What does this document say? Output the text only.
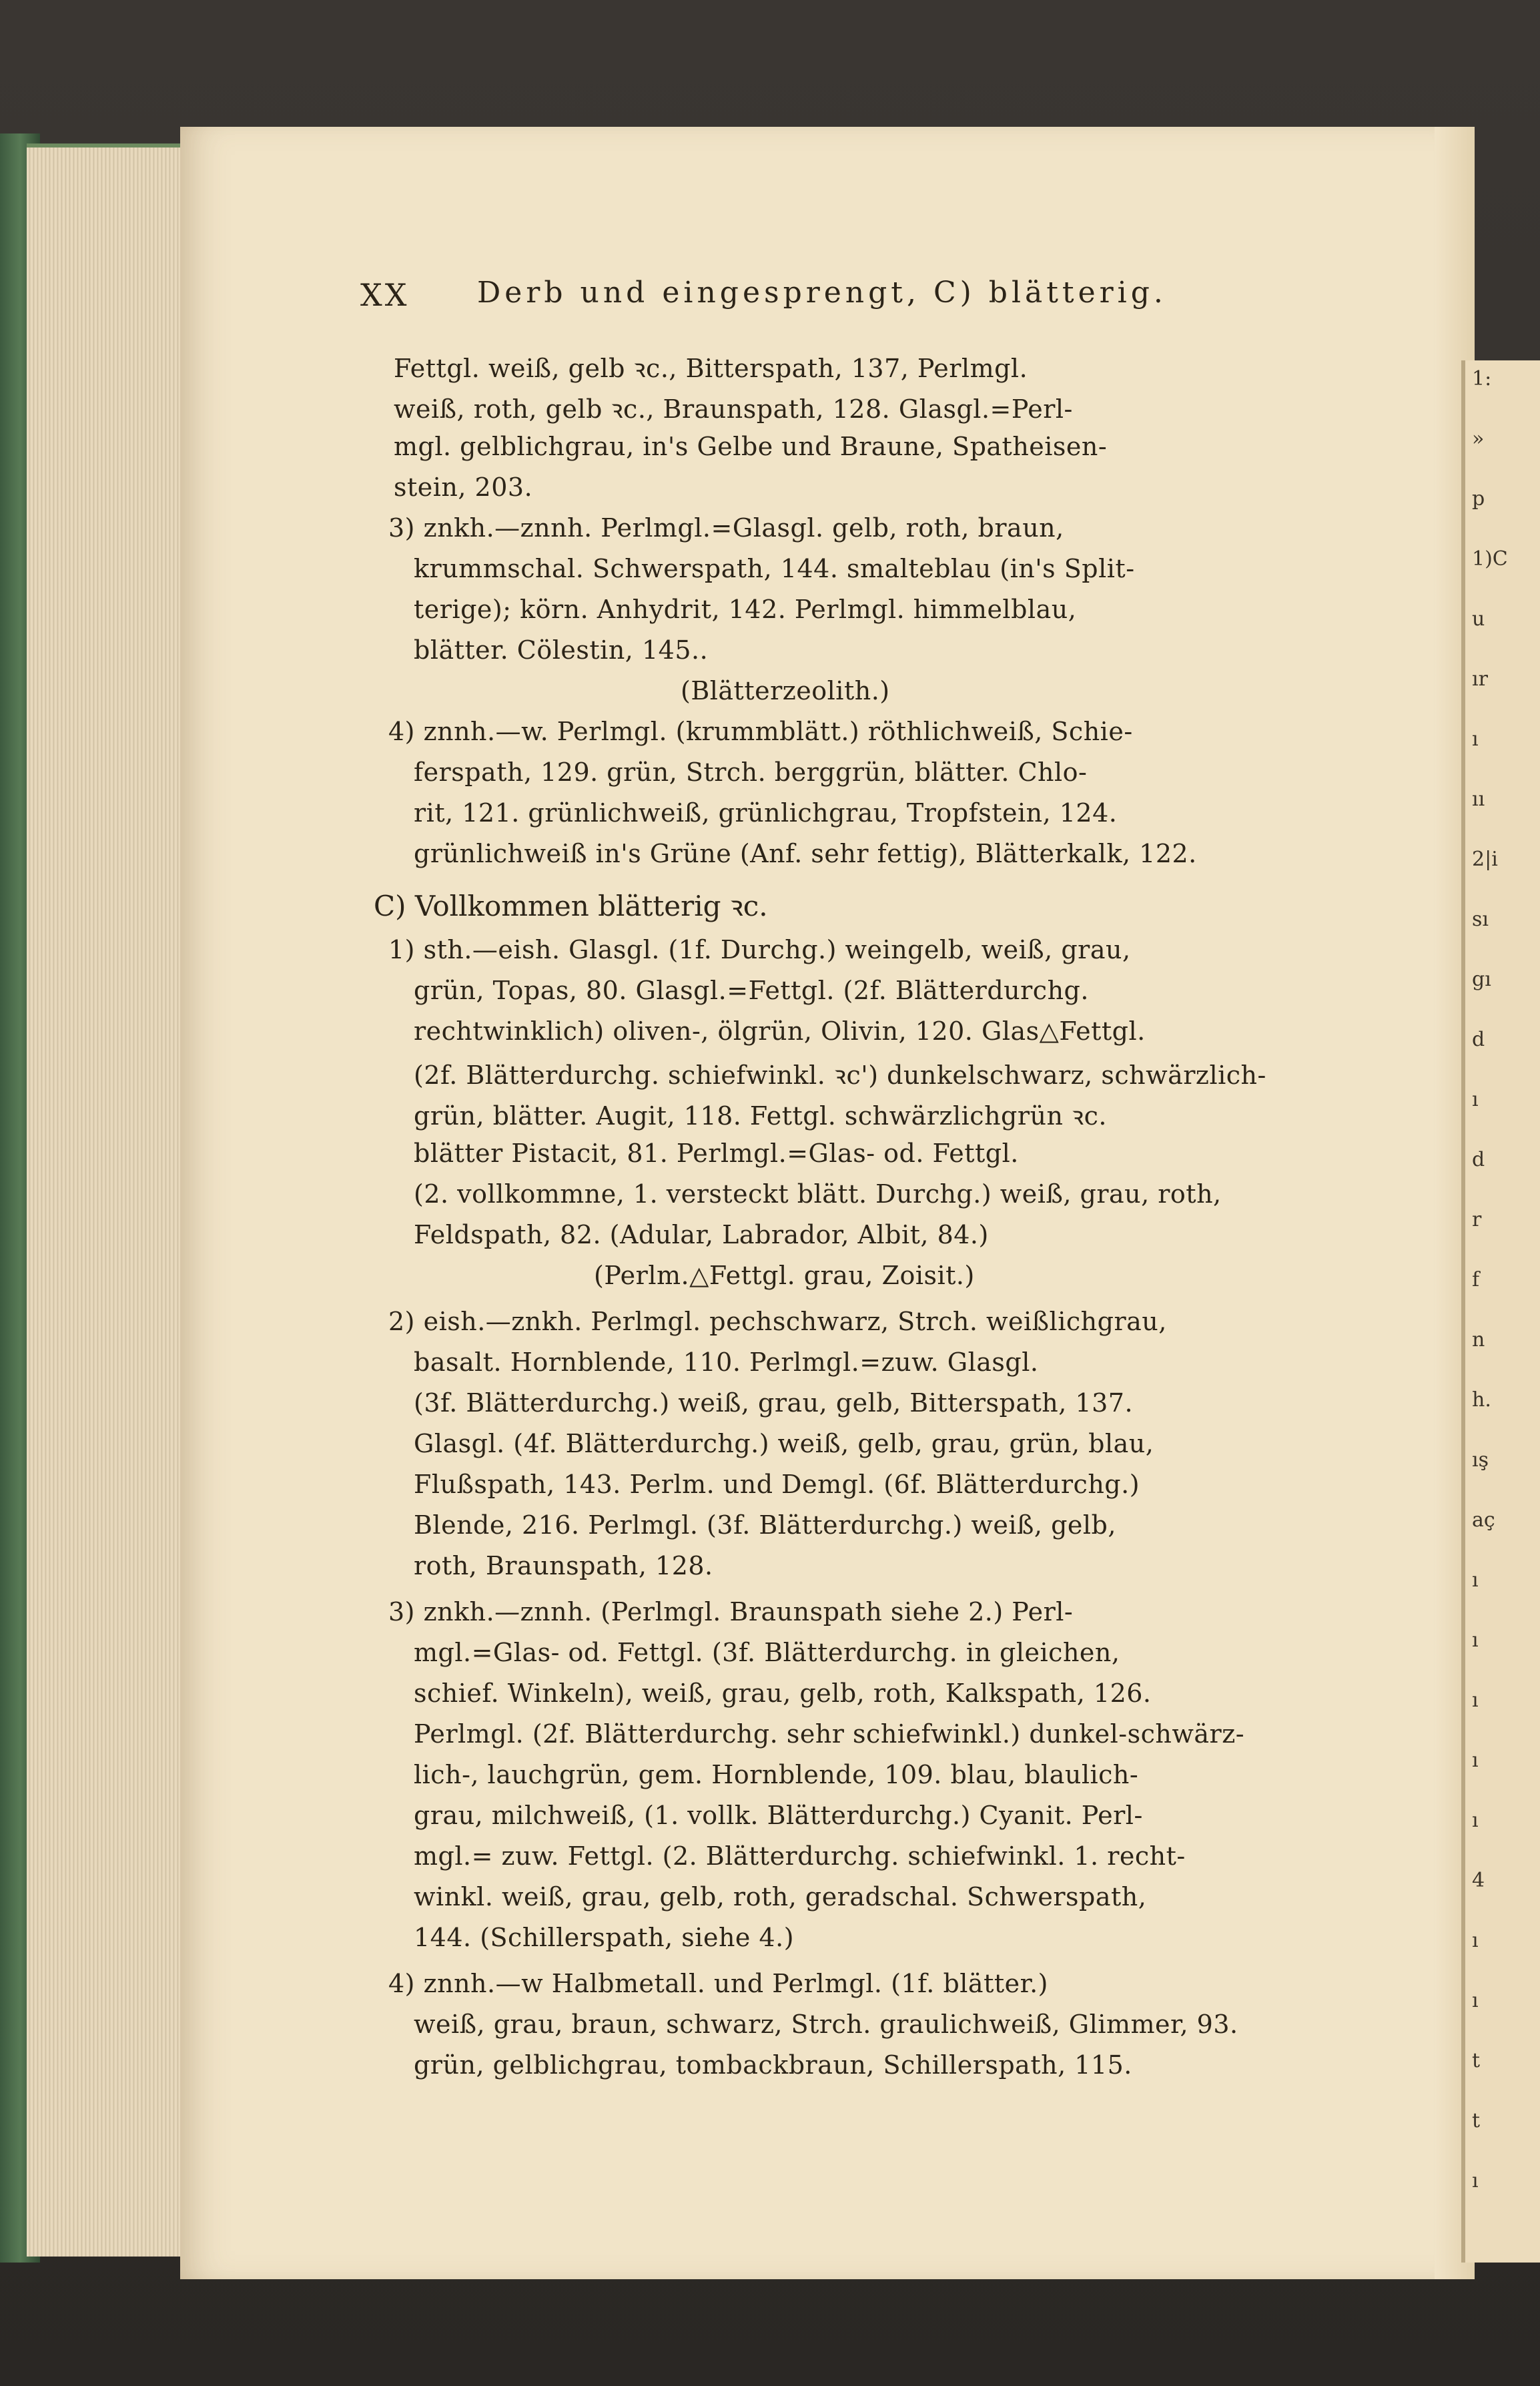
1:
»
p
1)C
u
ır
ı
ıı
2|i
sı
gı
d
ı
d
r
f
n
h.
ış
aç
ı
ı
ı
ı
ı
4
ı
ı
t
t
ı
XX Derb und eingesprengt, C) blätterig.
Fettgl. weiß, gelb ꝛc., Bitterspath, 137, Perlmgl.
weiß, roth, gelb ꝛc., Braunspath, 128. Glasgl.=Perl-
mgl. gelblichgrau, in's Gelbe und Braune, Spatheisen-
stein, 203.
3) znkh.—znnh. Perlmgl.=Glasgl. gelb, roth, braun,
krummschal. Schwerspath, 144. smalteblau (in's Split-
terige); körn. Anhydrit, 142. Perlmgl. himmelblau,
blätter. Cölestin, 145..
(Blätterzeolith.)
4) znnh.—w. Perlmgl. (krummblätt.) röthlichweiß, Schie-
ferspath, 129. grün, Strch. berggrün, blätter. Chlo-
rit, 121. grünlichweiß, grünlichgrau, Tropfstein, 124.
grünlichweiß in's Grüne (Anf. sehr fettig), Blätterkalk, 122.
C) Vollkommen blätterig ꝛc.
1) sth.—eish. Glasgl. (1f. Durchg.) weingelb, weiß, grau,
grün, Topas, 80. Glasgl.=Fettgl. (2f. Blätterdurchg.
rechtwinklich) oliven-, ölgrün, Olivin, 120. Glas△Fettgl.
(2f. Blätterdurchg. schiefwinkl. ꝛc') dunkelschwarz, schwärzlich-
grün, blätter. Augit, 118. Fettgl. schwärzlichgrün ꝛc.
blätter Pistacit, 81. Perlmgl.=Glas- od. Fettgl.
(2. vollkommne, 1. versteckt blätt. Durchg.) weiß, grau, roth,
Feldspath, 82. (Adular, Labrador, Albit, 84.)
(Perlm.△Fettgl. grau, Zoisit.)
2) eish.—znkh. Perlmgl. pechschwarz, Strch. weißlichgrau,
basalt. Hornblende, 110. Perlmgl.=zuw. Glasgl.
(3f. Blätterdurchg.) weiß, grau, gelb, Bitterspath, 137.
Glasgl. (4f. Blätterdurchg.) weiß, gelb, grau, grün, blau,
Flußspath, 143. Perlm. und Demgl. (6f. Blätterdurchg.)
Blende, 216. Perlmgl. (3f. Blätterdurchg.) weiß, gelb,
roth, Braunspath, 128.
3) znkh.—znnh. (Perlmgl. Braunspath siehe 2.) Perl-
mgl.=Glas- od. Fettgl. (3f. Blätterdurchg. in gleichen,
schief. Winkeln), weiß, grau, gelb, roth, Kalkspath, 126.
Perlmgl. (2f. Blätterdurchg. sehr schiefwinkl.) dunkel-schwärz-
lich-, lauchgrün, gem. Hornblende, 109. blau, blaulich-
grau, milchweiß, (1. vollk. Blätterdurchg.) Cyanit. Perl-
mgl.= zuw. Fettgl. (2. Blätterdurchg. schiefwinkl. 1. recht-
winkl. weiß, grau, gelb, roth, geradschal. Schwerspath,
144. (Schillerspath, siehe 4.)
4) znnh.—w Halbmetall. und Perlmgl. (1f. blätter.)
weiß, grau, braun, schwarz, Strch. graulichweiß, Glimmer, 93.
grün, gelblichgrau, tombackbraun, Schillerspath, 115.
